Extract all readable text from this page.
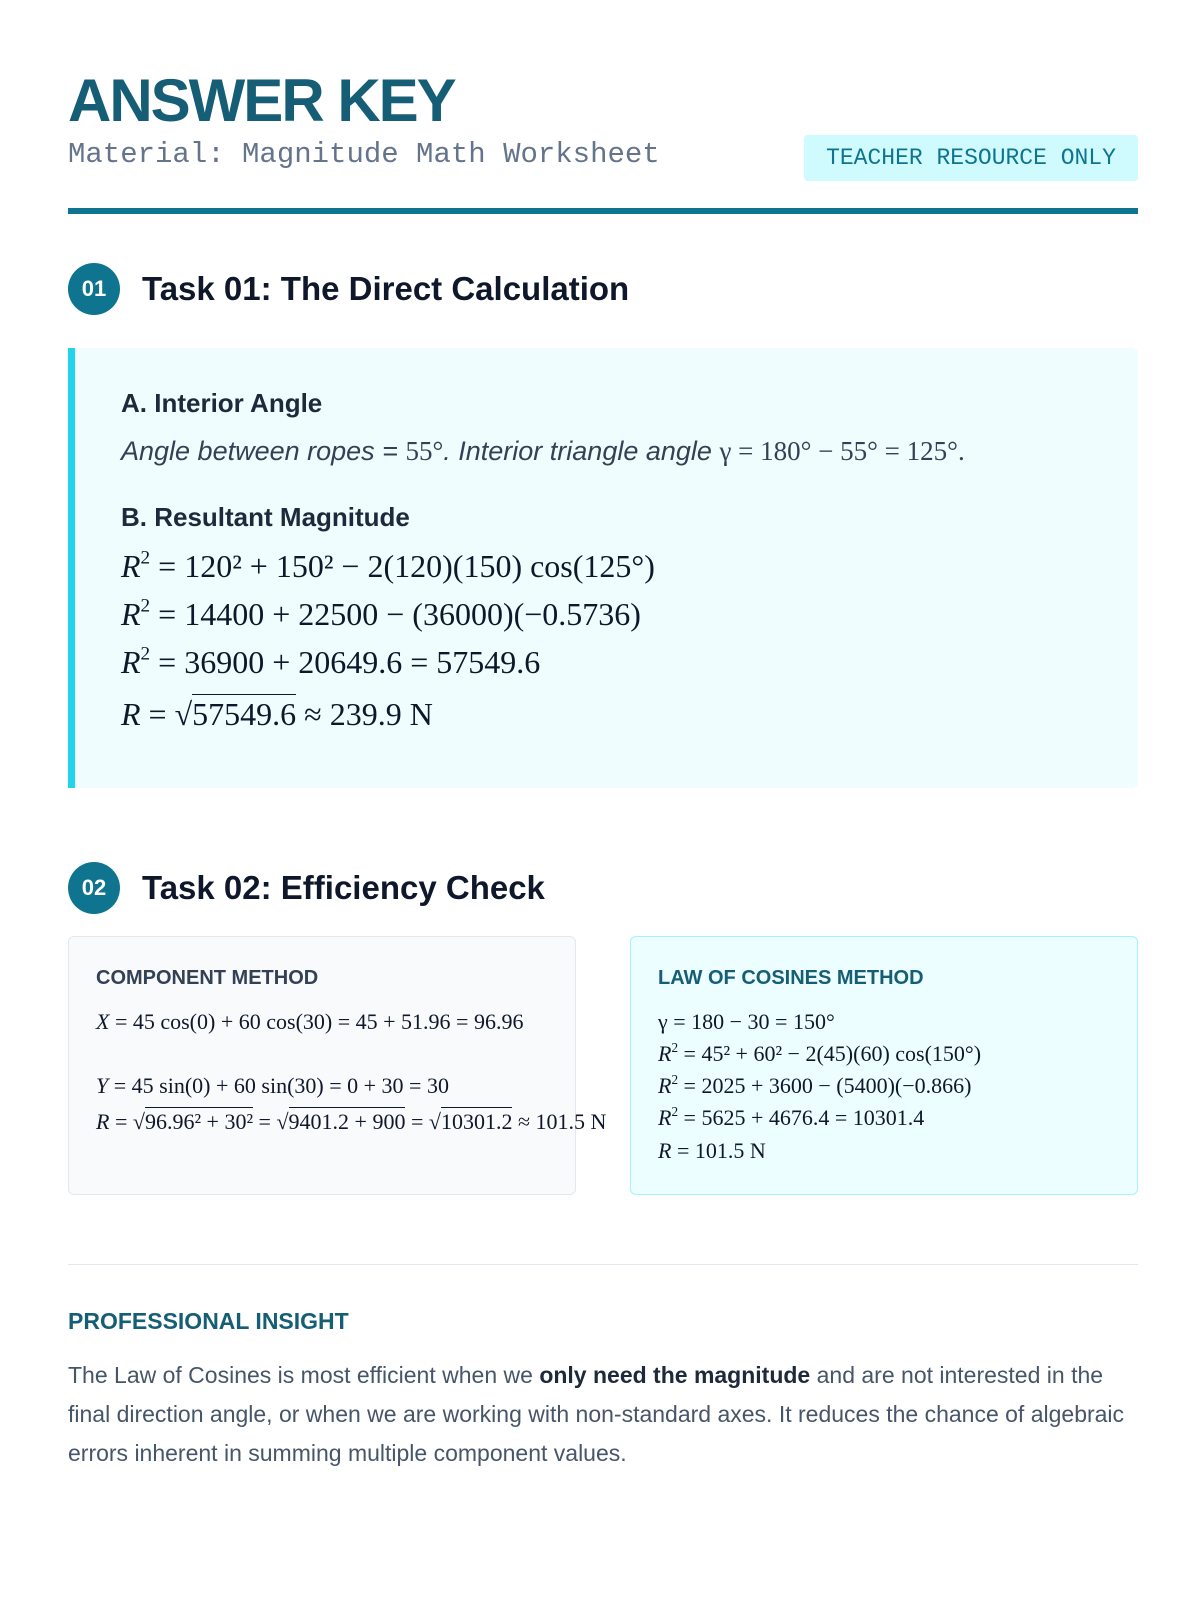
ANSWER KEY
Material: Magnitude Math Worksheet	TEACHER RESOURCE ONLY
01	Task 01: The Direct Calculation
A. Interior Angle
Angle between ropes = 55°. Interior triangle angle γ = 180° − 55° = 125°.
B. Resultant Magnitude
$R^2 = 120^2 + 150^2 - 2(120)(150)$ cos(125°)
$R^2 = 14400 + 22500 - (36000)(-0.5736)$
$R^2 = 36900 + 20649.6 = 57549.6$
R = √57549.6 ≈ 239.9 N
02	Task 02: Efficiency Check
COMPONENT METHOD
X = 45 cos(0) + 60 cos(30) = 45 + 51.96 = 96.96
Y = 45 sin(0) + 60 sin(30) = 0 + 30 = 30
R = √96.96² + 30² = √9401.2 + 900 = √10301.2 ≈ 101.5 N
LAW OF COSINES METHOD
γ = 180 − 30 = 150°
$R^2 = 45^2 + 60^2 - 2(45)(60)$ cos(150°)
$R^2 = 2025 + 3600 - (5400)(-0.866)$
$R^2 = 5625 + 4676.4 = 10301.4$
R = 101.5 N
PROFESSIONAL INSIGHT
The Law of Cosines is most efficient when we only need the magnitude and are not interested in the final direction angle, or when we are working with non-standard axes. It reduces the chance of algebraic errors inherent in summing multiple component values.
